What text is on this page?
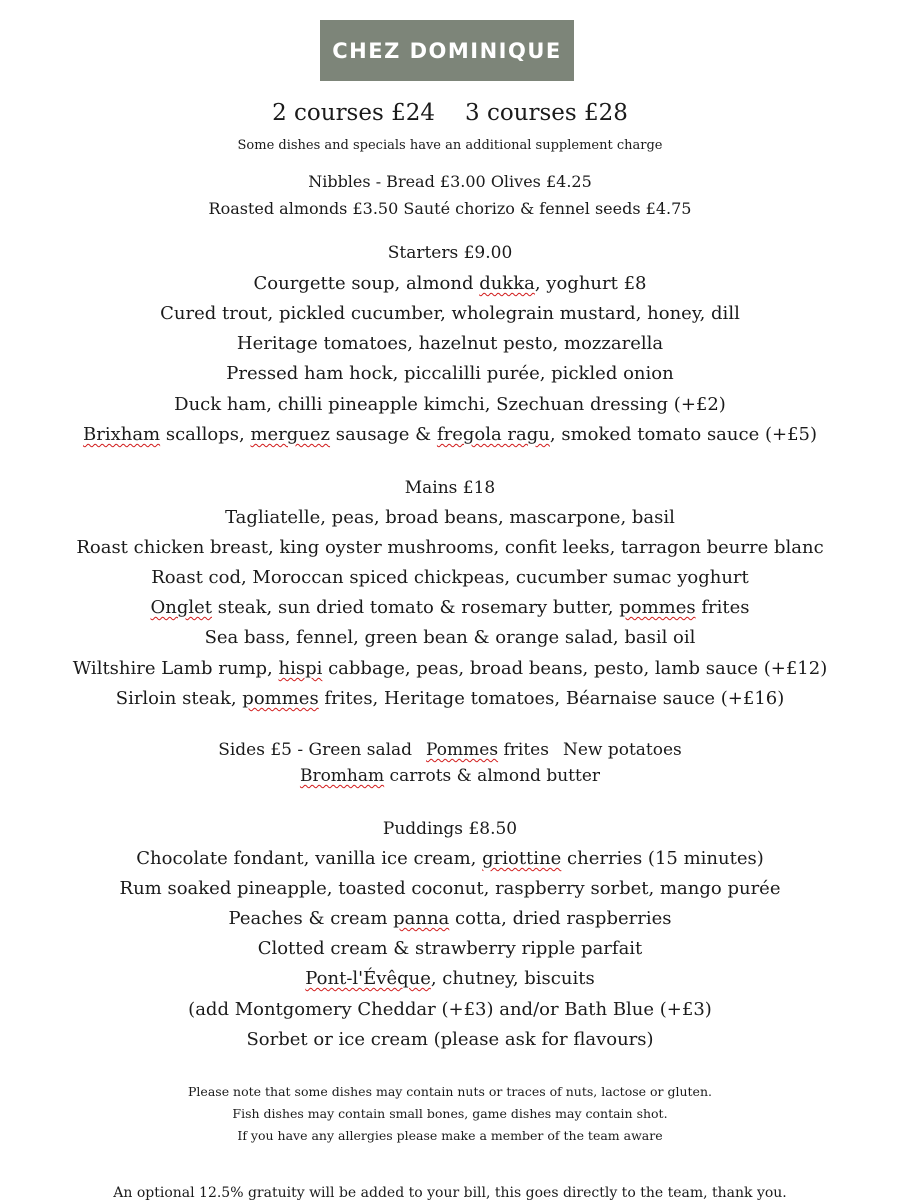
CHEZ DOMINIQUE

2 courses £24 3 courses £28

Some dishes and specials have an additional supplement charge

Nibbles - Bread £3.00 Olives £4.25

Roasted almonds £3.50 Sauté chorizo & fennel seeds £4.75

Starters £9.00

Courgette soup, almond dukka, yoghurt £8

Cured trout, pickled cucumber, wholegrain mustard, honey, dill

Heritage tomatoes, hazelnut pesto, mozzarella

Pressed ham hock, piccalilli purée, pickled onion

Duck ham, chilli pineapple kimchi, Szechuan dressing (+£2)

Brixham scallops, merguez sausage & fregola ragu, smoked tomato sauce (+£5)

Mains £18

Tagliatelle, peas, broad beans, mascarpone, basil

Roast chicken breast, king oyster mushrooms, confit leeks, tarragon beurre blanc

Roast cod, Moroccan spiced chickpeas, cucumber sumac yoghurt

Onglet steak, sun dried tomato & rosemary butter, pommes frites

Sea bass, fennel, green bean & orange salad, basil oil

Wiltshire Lamb rump, hispi cabbage, peas, broad beans, pesto, lamb sauce (+£12)

Sirloin steak, pommes frites, Heritage tomatoes, Béarnaise sauce (+£16)

Sides £5 - Green salad Pommes frites New potatoes

Bromham carrots & almond butter

Puddings £8.50

Chocolate fondant, vanilla ice cream, griottine cherries (15 minutes)

Rum soaked pineapple, toasted coconut, raspberry sorbet, mango purée

Peaches & cream panna cotta, dried raspberries

Clotted cream & strawberry ripple parfait

Pont-l'Évêque, chutney, biscuits

(add Montgomery Cheddar (+£3) and/or Bath Blue (+£3)

Sorbet or ice cream (please ask for flavours)

Please note that some dishes may contain nuts or traces of nuts, lactose or gluten.

Fish dishes may contain small bones, game dishes may contain shot.

If you have any allergies please make a member of the team aware

An optional 12.5% gratuity will be added to your bill, this goes directly to the team, thank you.
